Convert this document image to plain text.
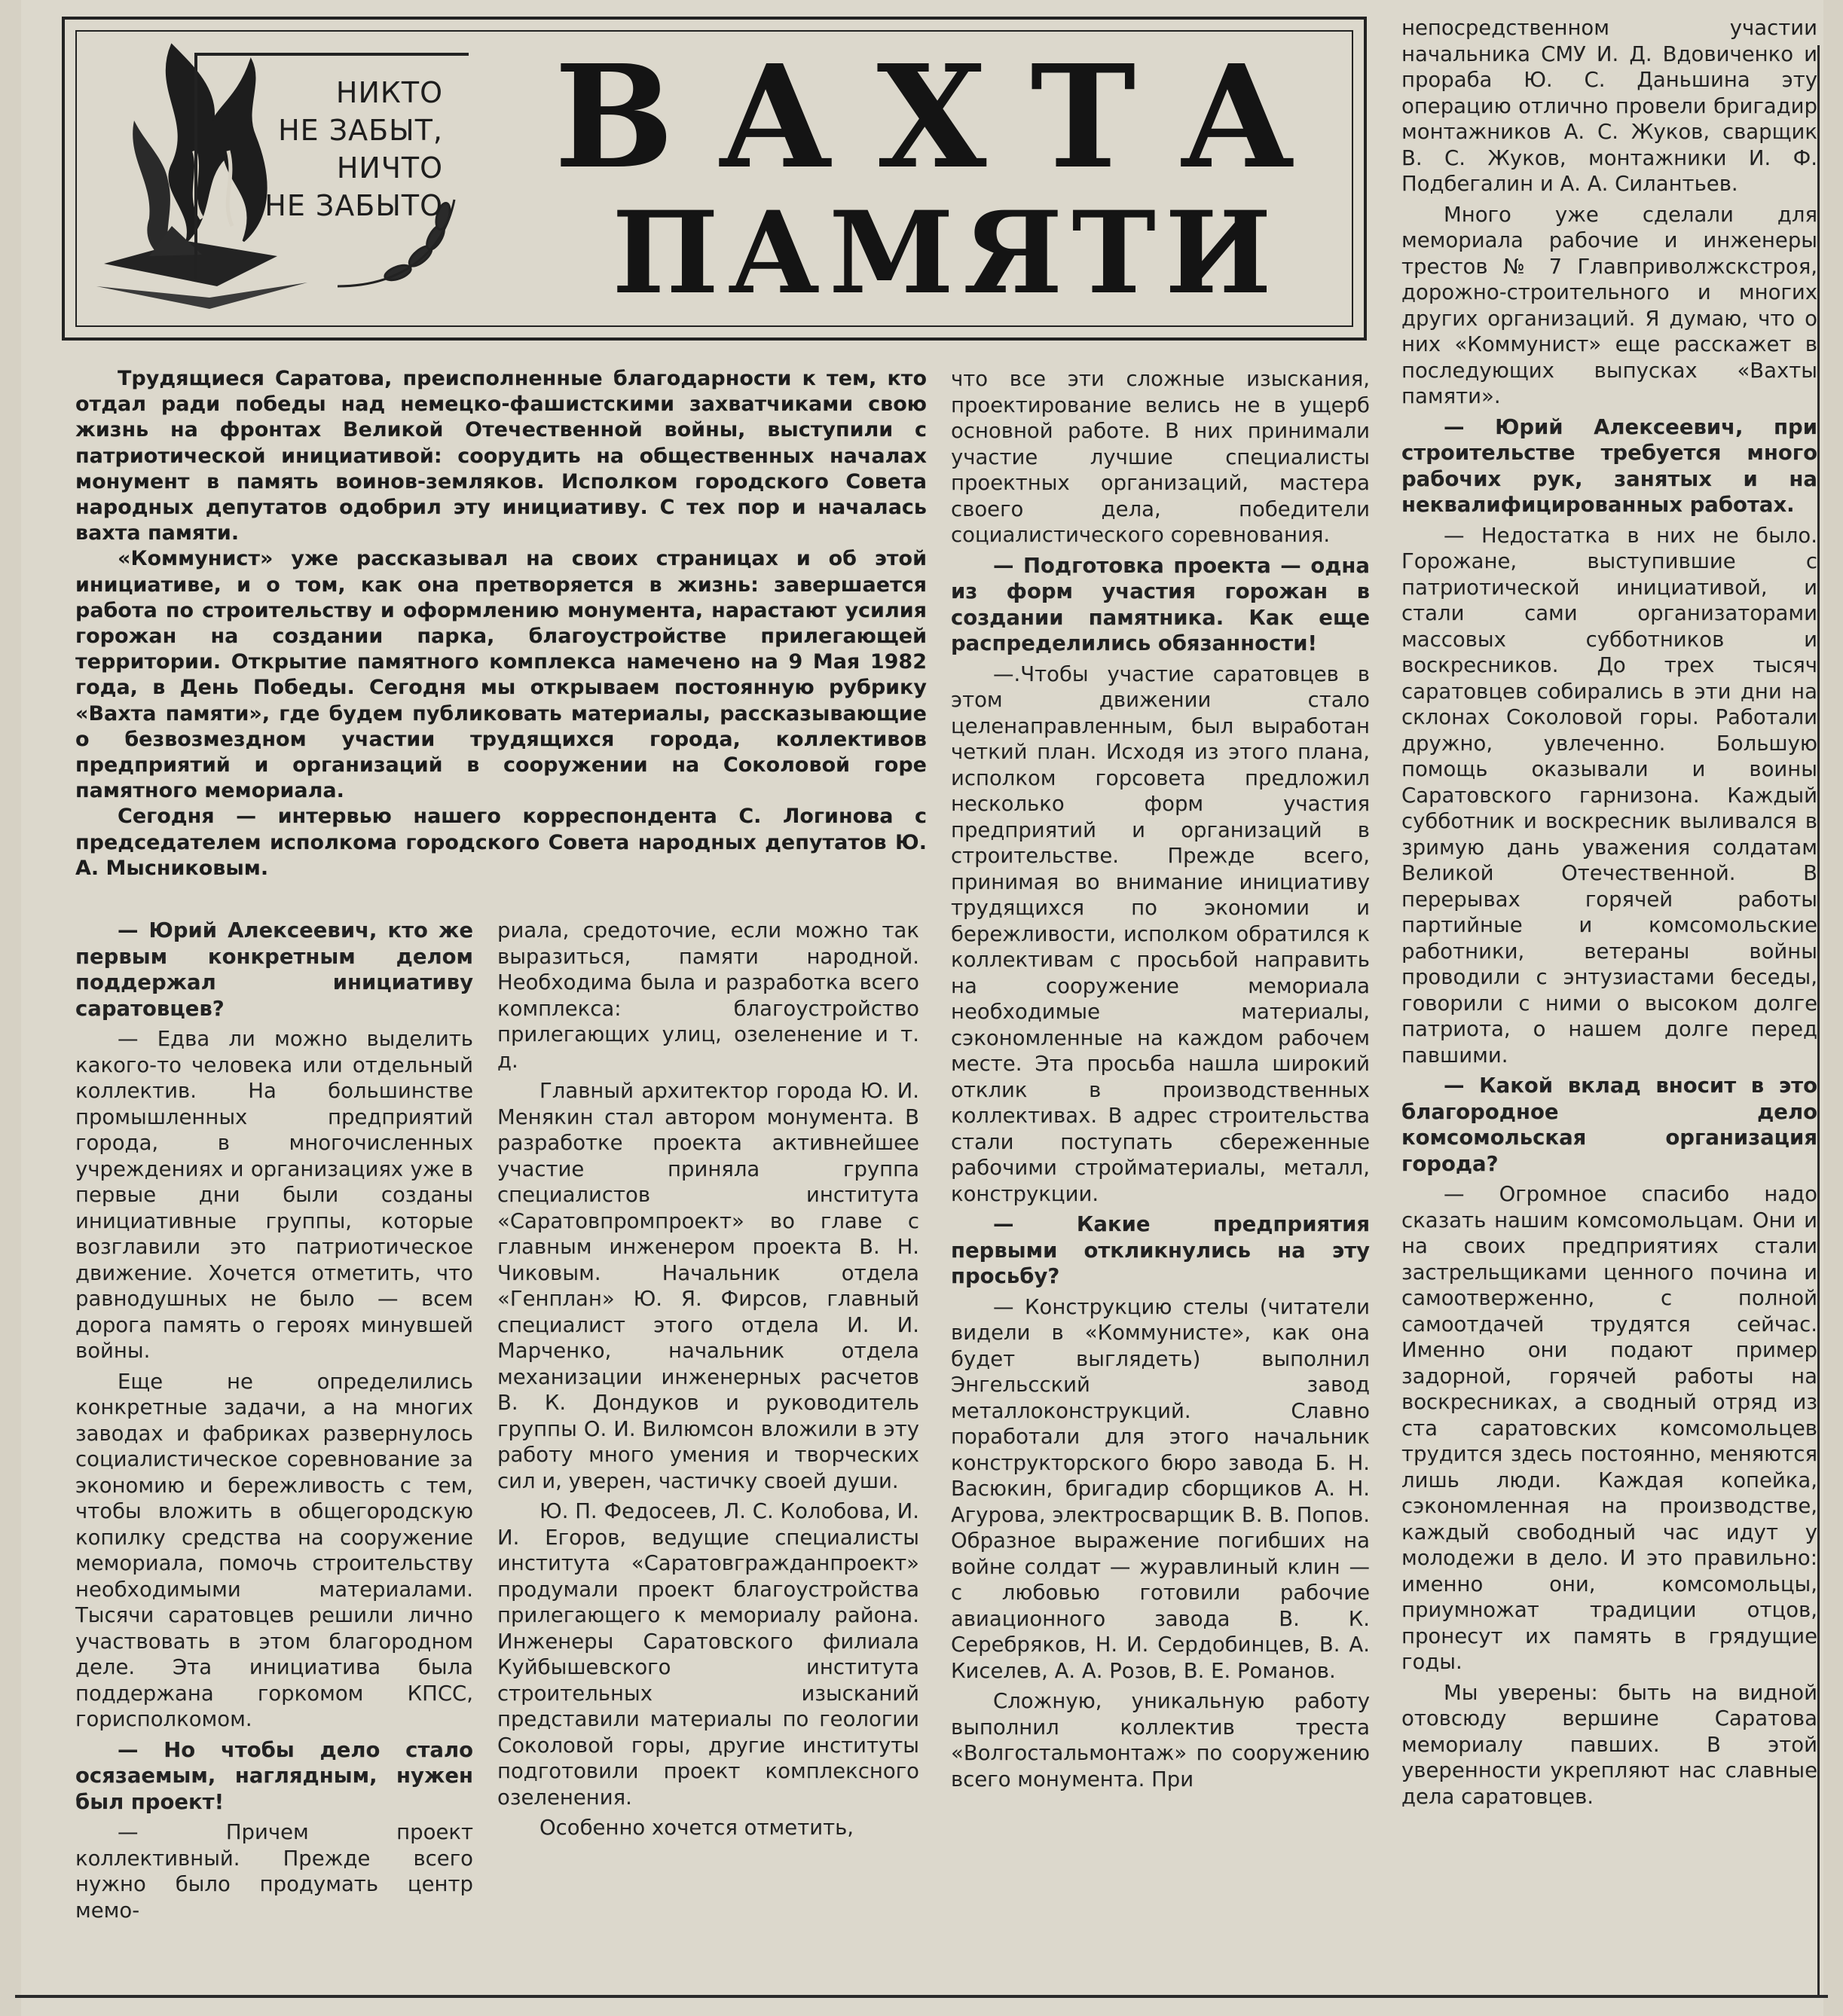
НИКТО
НЕ ЗАБЫТ,
НИЧТО
НЕ ЗАБЫТО
ВАХТА
ПАМЯТИ

Трудящиеся Саратова, преисполненные благодарности к тем, кто отдал ради победы над немецко-фашистскими захватчиками свою жизнь на фронтах Великой Отечественной войны, выступили с патриотической инициативой: соорудить на общественных началах монумент в память воинов-земляков. Исполком городского Совета народных депутатов одобрил эту инициативу. С тех пор и началась вахта памяти.

«Коммунист» уже рассказывал на своих страницах и об этой инициативе, и о том, как она претворяется в жизнь: завершается работа по строительству и оформлению монумента, нарастают усилия горожан на создании парка, благоустройстве прилегающей территории. Открытие памятного комплекса намечено на 9 Мая 1982 года, в День Победы. Сегодня мы открываем постоянную рубрику «Вахта памяти», где будем публиковать материалы, рассказывающие о безвозмездном участии трудящихся города, коллективов предприятий и организаций в сооружении на Соколовой горе памятного мемориала.

Сегодня — интервью нашего корреспондента С. Логинова с председателем исполкома городского Совета народных депутатов Ю. А. Мысниковым.

— Юрий Алексеевич, кто же первым конкретным делом поддержал инициативу саратовцев?

— Едва ли можно выделить какого-то человека или отдельный коллектив. На большинстве промышленных предприятий города, в многочисленных учреждениях и организациях уже в первые дни были созданы инициативные группы, которые возглавили это патриотическое движение. Хочется отметить, что равнодушных не было — всем дорога память о героях минувшей войны.

Еще не определились конкретные задачи, а на многих заводах и фабриках развернулось социалистическое соревнование за экономию и бережливость с тем, чтобы вложить в общегородскую копилку средства на сооружение мемориала, помочь строительству необходимыми материалами. Тысячи саратовцев решили лично участвовать в этом благородном деле. Эта инициатива была поддержана горкомом КПСС, горисполкомом.

— Но чтобы дело стало осязаемым, наглядным, нужен был проект!

— Причем проект коллективный. Прежде всего нужно было продумать центр мемо-

риала, средоточие, если можно так выразиться, памяти народной. Необходима была и разработка всего комплекса: благоустройство прилегающих улиц, озеленение и т. д.

Главный архитектор города Ю. И. Менякин стал автором монумента. В разработке проекта активнейшее участие приняла группа специалистов института «Саратовпромпроект» во главе с главным инженером проекта В. Н. Чиковым. Начальник отдела «Генплан» Ю. Я. Фирсов, главный специалист этого отдела И. И. Марченко, начальник отдела механизации инженерных расчетов В. К. Дондуков и руководитель группы О. И. Вилюмсон вложили в эту работу много умения и творческих сил и, уверен, частичку своей души.

Ю. П. Федосеев, Л. С. Колобова, И. И. Егоров, ведущие специалисты института «Саратовгражданпроект» продумали проект благоустройства прилегающего к мемориалу района. Инженеры Саратовского филиала Куйбышевского института строительных изысканий представили материалы по геологии Соколовой горы, другие институты подготовили проект комплексного озеленения.

Особенно хочется отметить,

что все эти сложные изыскания, проектирование велись не в ущерб основной работе. В них принимали участие лучшие специалисты проектных организаций, мастера своего дела, победители социалистического соревнования.

— Подготовка проекта — одна из форм участия горожан в создании памятника. Как еще распределились обязанности!

—.Чтобы участие саратовцев в этом движении стало целенаправленным, был выработан четкий план. Исходя из этого плана, исполком горсовета предложил несколько форм участия предприятий и организаций в строительстве. Прежде всего, принимая во внимание инициативу трудящихся по экономии и бережливости, исполком обратился к коллективам с просьбой направить на сооружение мемориала необходимые материалы, сэкономленные на каждом рабочем месте. Эта просьба нашла широкий отклик в производственных коллективах. В адрес строительства стали поступать сбереженные рабочими стройматериалы, металл, конструкции.

— Какие предприятия первыми откликнулись на эту просьбу?

— Конструкцию стелы (читатели видели в «Коммунисте», как она будет выглядеть) выполнил Энгельсский завод металлоконструкций. Славно поработали для этого начальник конструкторского бюро завода Б. Н. Васюкин, бригадир сборщиков А. Н. Агурова, электросварщик В. В. Попов. Образное выражение погибших на войне солдат — журавлиный клин — с любовью готовили рабочие авиационного завода В. К. Серебряков, Н. И. Сердобинцев, В. А. Киселев, А. А. Розов, В. Е. Романов.

Сложную, уникальную работу выполнил коллектив треста «Волгостальмонтаж» по сооружению всего монумента. При

непосредственном участии начальника СМУ И. Д. Вдовиченко и прораба Ю. С. Даньшина эту операцию отлично провели бригадир монтажников А. С. Жуков, сварщик В. С. Жуков, монтажники И. Ф. Подбегалин и А. А. Силантьев.

Много уже сделали для мемориала рабочие и инженеры трестов № 7 Главприволжскстроя, дорожно-строительного и многих других организаций. Я думаю, что о них «Коммунист» еще расскажет в последующих выпусках «Вахты памяти».

— Юрий Алексеевич, при строительстве требуется много рабочих рук, занятых и на неквалифицированных работах.

— Недостатка в них не было. Горожане, выступившие с патриотической инициативой, и стали сами организаторами массовых субботников и воскресников. До трех тысяч саратовцев собирались в эти дни на склонах Соколовой горы. Работали дружно, увлеченно. Большую помощь оказывали и воины Саратовского гарнизона. Каждый субботник и воскресник выливался в зримую дань уважения солдатам Великой Отечественной. В перерывах горячей работы партийные и комсомольские работники, ветераны войны проводили с энтузиастами беседы, говорили с ними о высоком долге патриота, о нашем долге перед павшими.

— Какой вклад вносит в это благородное дело комсомольская организация города?

— Огромное спасибо надо сказать нашим комсомольцам. Они и на своих предприятиях стали застрельщиками ценного почина и самоотверженно, с полной самоотдачей трудятся сейчас. Именно они подают пример задорной, горячей работы на воскресниках, а сводный отряд из ста саратовских комсомольцев трудится здесь постоянно, меняются лишь люди. Каждая копейка, сэкономленная на производстве, каждый свободный час идут у молодежи в дело. И это правильно: именно они, комсомольцы, приумножат традиции отцов, пронесут их память в грядущие годы.

Мы уверены: быть на видной отовсюду вершине Саратова мемориалу павших. В этой уверенности укрепляют нас славные дела саратовцев.
